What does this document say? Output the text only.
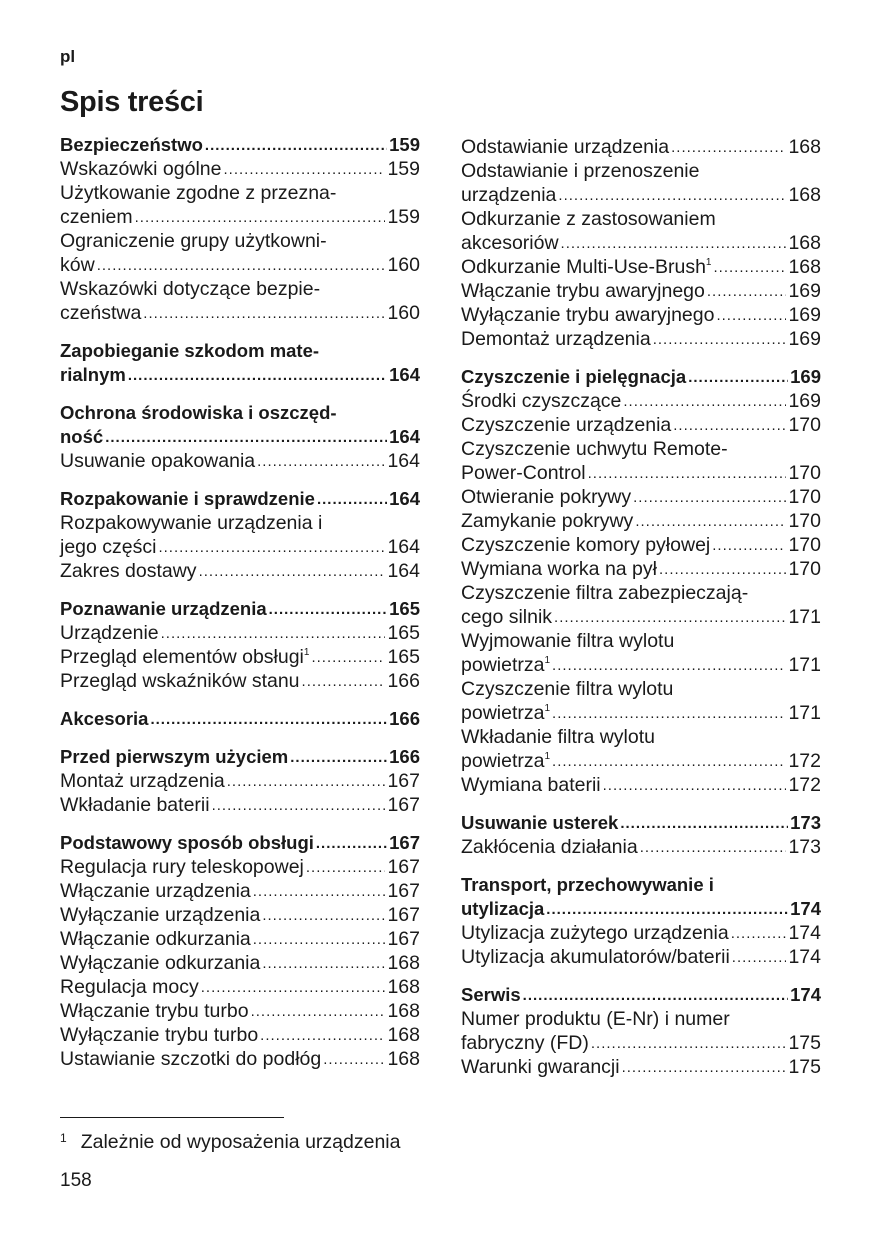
pl
Spis treści
Bezpieczeństwo .....	159
Wskazówki ogólne .....	159
Użytkowanie zgodne z przezna-
czeniem .....	159
Ograniczenie grupy użytkowni-
ków .....	160
Wskazówki dotyczące bezpie-
czeństwa .....	160
Zapobieganie szkodom mate-
rialnym .....	164
Ochrona środowiska i oszczęd-
ność .....	164
Usuwanie opakowania .....	164
Rozpakowanie i sprawdzenie .....	164
Rozpakowywanie urządzenia i
jego części .....	164
Zakres dostawy .....	164
Poznawanie urządzenia .....	165
Urządzenie .....	165
Przegląd elementów obsługi$^1$ .....	165
Przegląd wskaźników stanu .....	166
Akcesoria .....	166
Przed pierwszym użyciem .....	166
Montaż urządzenia .....	167
Wkładanie baterii .....	167
Podstawowy sposób obsługi .....	167
Regulacja rury teleskopowej .....	167
Włączanie urządzenia .....	167
Wyłączanie urządzenia .....	167
Włączanie odkurzania .....	167
Wyłączanie odkurzania .....	168
Regulacja mocy .....	168
Włączanie trybu turbo .....	168
Wyłączanie trybu turbo .....	168
Ustawianie szczotki do podłóg .....	168
Odstawianie urządzenia .....	168
Odstawianie i przenoszenie
urządzenia .....	168
Odkurzanie z zastosowaniem
akcesoriów .....	168
Odkurzanie Multi-Use-Brush$^1$ .....	168
Włączanie trybu awaryjnego .....	169
Wyłączanie trybu awaryjnego .....	169
Demontaż urządzenia .....	169
Czyszczenie i pielęgnacja .....	169
Środki czyszczące .....	169
Czyszczenie urządzenia .....	170
Czyszczenie uchwytu Remote-
Power-Control .....	170
Otwieranie pokrywy .....	170
Zamykanie pokrywy .....	170
Czyszczenie komory pyłowej .....	170
Wymiana worka na pył .....	170
Czyszczenie filtra zabezpieczają-
cego silnik .....	171
Wyjmowanie filtra wylotu
powietrza$^1$ .....	171
Czyszczenie filtra wylotu
powietrza$^1$ .....	171
Wkładanie filtra wylotu
powietrza$^1$ .....	172
Wymiana baterii .....	172
Usuwanie usterek .....	173
Zakłócenia działania .....	173
Transport, przechowywanie i
utylizacja .....	174
Utylizacja zużytego urządzenia .....	174
Utylizacja akumulatorów/baterii .....	174
Serwis .....	174
Numer produktu (E-Nr) i numer
fabryczny (FD) .....	175
Warunki gwarancji .....	175
$^1$ Zależnie od wyposażenia urządzenia
158
